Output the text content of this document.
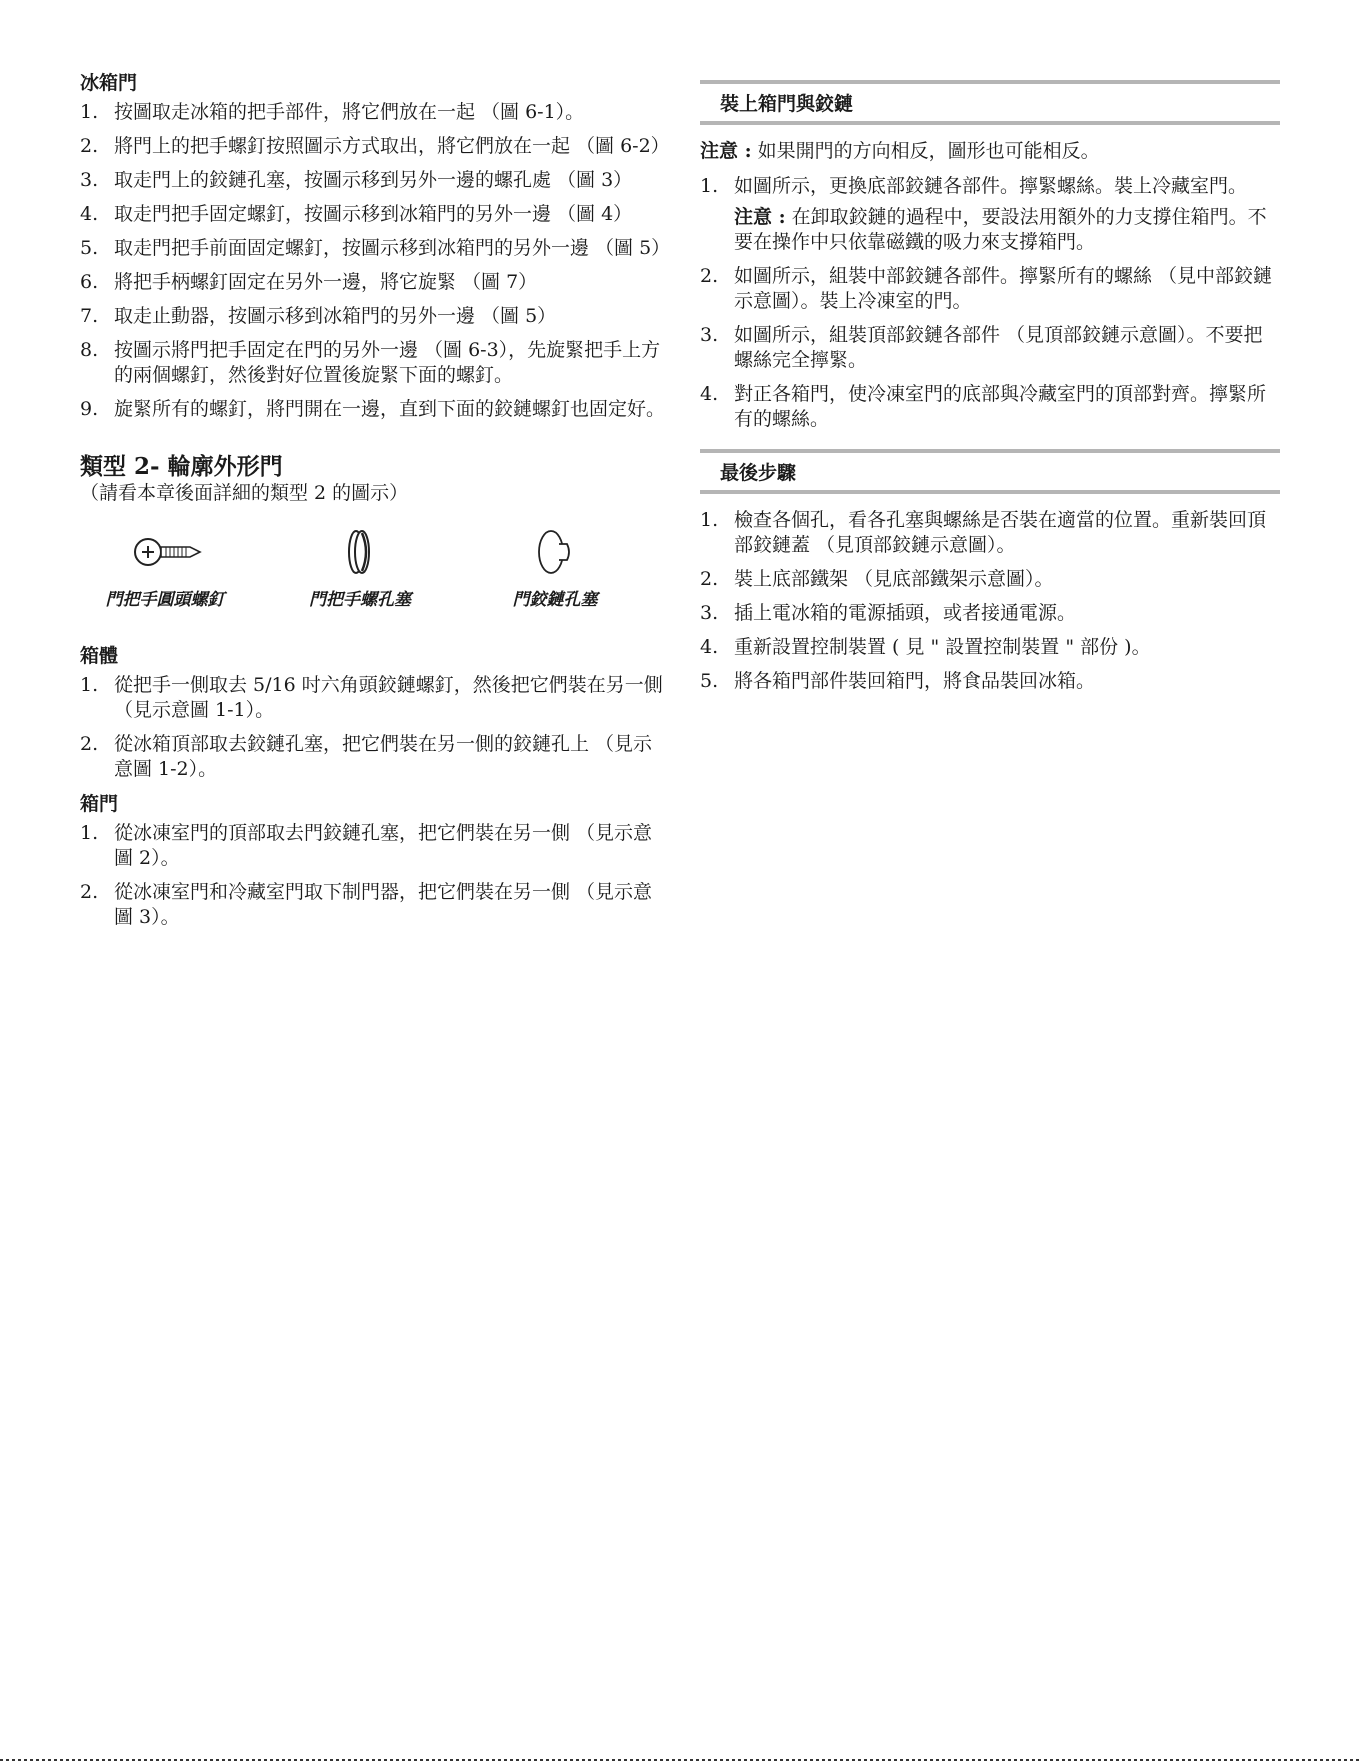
冰箱門
1. 按圖取走冰箱的把手部件，將它們放在一起 （圖 6-1）。
2. 將門上的把手螺釘按照圖示方式取出，將它們放在一起 （圖 6-2）
3. 取走門上的鉸鏈孔塞，按圖示移到另外一邊的螺孔處 （圖 3）
4. 取走門把手固定螺釘，按圖示移到冰箱門的另外一邊 （圖 4）
5. 取走門把手前面固定螺釘，按圖示移到冰箱門的另外一邊 （圖 5）
6. 將把手柄螺釘固定在另外一邊，將它旋緊 （圖 7）
7. 取走止動器，按圖示移到冰箱門的另外一邊 （圖 5）
8. 按圖示將門把手固定在門的另外一邊 （圖 6-3），先旋緊把手上方的兩個螺釘，然後對好位置後旋緊下面的螺釘。
9. 旋緊所有的螺釘，將門開在一邊，直到下面的鉸鏈螺釘也固定好。
類型 2- 輪廓外形門
（請看本章後面詳細的類型 2 的圖示）
門把手圓頭螺釘	門把手螺孔塞	門鉸鏈孔塞
箱體
1. 從把手一側取去 5/16 吋六角頭鉸鏈螺釘，然後把它們裝在另一側 （見示意圖 1-1）。
2. 從冰箱頂部取去鉸鏈孔塞，把它們裝在另一側的鉸鏈孔上 （見示意圖 1-2）。
箱門
1. 從冰凍室門的頂部取去門鉸鏈孔塞，把它們裝在另一側 （見示意圖 2）。
2. 從冰凍室門和冷藏室門取下制門器，把它們裝在另一側 （見示意圖 3）。
裝上箱門與鉸鏈
注意 : 如果開門的方向相反，圖形也可能相反。
1. 如圖所示，更換底部鉸鏈各部件。擰緊螺絲。裝上冷藏室門。
注意 : 在卸取鉸鏈的過程中，要設法用額外的力支撐住箱門。不要在操作中只依靠磁鐵的吸力來支撐箱門。
2. 如圖所示，組裝中部鉸鏈各部件。擰緊所有的螺絲 （見中部鉸鏈示意圖）。裝上冷凍室的門。
3. 如圖所示，組裝頂部鉸鏈各部件 （見頂部鉸鏈示意圖）。不要把螺絲完全擰緊。
4. 對正各箱門，使冷凍室門的底部與冷藏室門的頂部對齊。擰緊所有的螺絲。
最後步驟
1. 檢查各個孔，看各孔塞與螺絲是否裝在適當的位置。重新裝回頂部鉸鏈蓋 （見頂部鉸鏈示意圖）。
2. 裝上底部鐵架 （見底部鐵架示意圖）。
3. 插上電冰箱的電源插頭，或者接通電源。
4. 重新設置控制裝置 ( 見 " 設置控制裝置 " 部份 )。
5. 將各箱門部件裝回箱門，將食品裝回冰箱。
